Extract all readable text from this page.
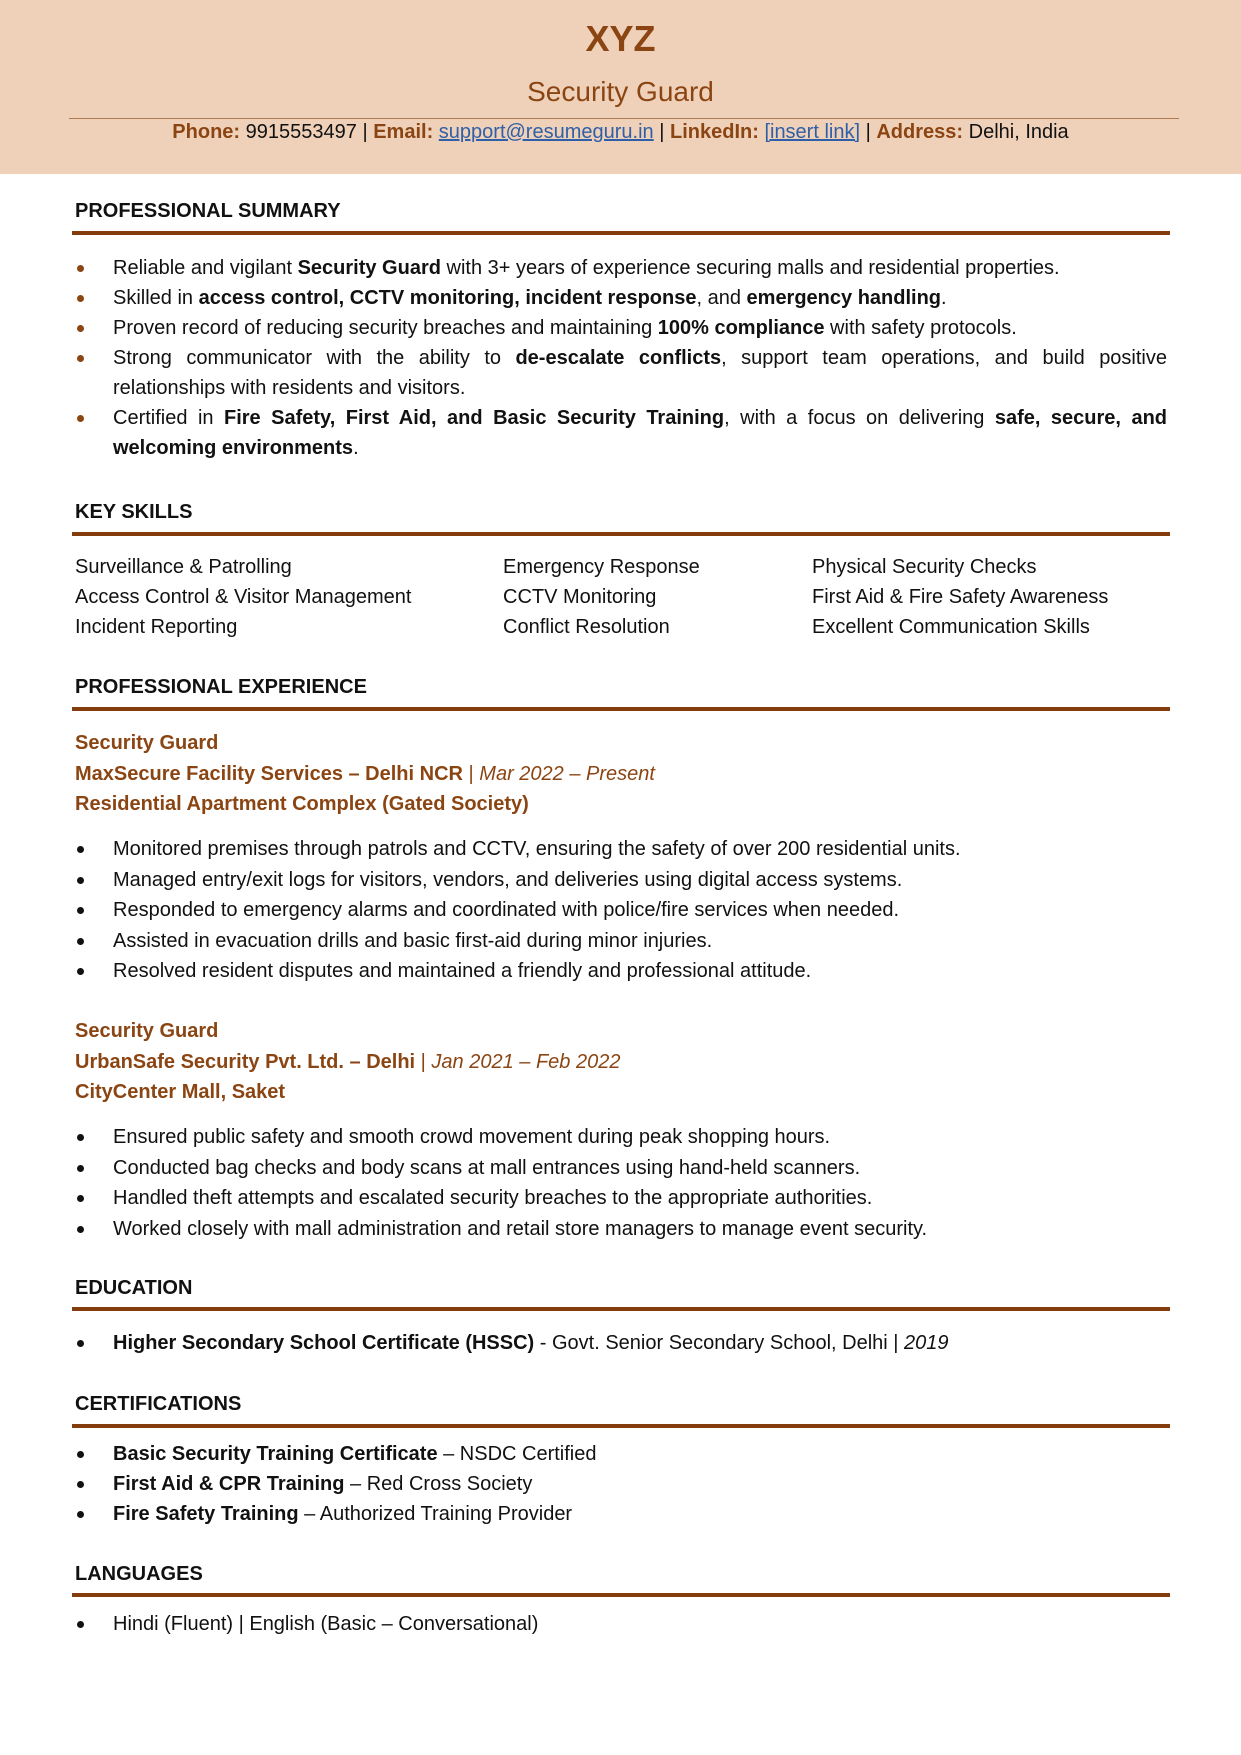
XYZ
Security Guard
Phone: 9915553497 | Email: support@resumeguru.in | LinkedIn: [insert link] | Address: Delhi, India
PROFESSIONAL SUMMARY
Reliable and vigilant Security Guard with 3+ years of experience securing malls and residential properties.
Skilled in access control, CCTV monitoring, incident response, and emergency handling.
Proven record of reducing security breaches and maintaining 100% compliance with safety protocols.
Strong communicator with the ability to de-escalate conflicts, support team operations, and build positive relationships with residents and visitors.
Certified in Fire Safety, First Aid, and Basic Security Training, with a focus on delivering safe, secure, and welcoming environments.
KEY SKILLS
Surveillance & Patrolling
Access Control & Visitor Management
Incident Reporting
Emergency Response
CCTV Monitoring
Conflict Resolution
Physical Security Checks
First Aid & Fire Safety Awareness
Excellent Communication Skills
PROFESSIONAL EXPERIENCE
Security Guard
MaxSecure Facility Services – Delhi NCR | Mar 2022 – Present
Residential Apartment Complex (Gated Society)
Monitored premises through patrols and CCTV, ensuring the safety of over 200 residential units.
Managed entry/exit logs for visitors, vendors, and deliveries using digital access systems.
Responded to emergency alarms and coordinated with police/fire services when needed.
Assisted in evacuation drills and basic first-aid during minor injuries.
Resolved resident disputes and maintained a friendly and professional attitude.
Security Guard
UrbanSafe Security Pvt. Ltd. – Delhi | Jan 2021 – Feb 2022
CityCenter Mall, Saket
Ensured public safety and smooth crowd movement during peak shopping hours.
Conducted bag checks and body scans at mall entrances using hand-held scanners.
Handled theft attempts and escalated security breaches to the appropriate authorities.
Worked closely with mall administration and retail store managers to manage event security.
EDUCATION
Higher Secondary School Certificate (HSSC) - Govt. Senior Secondary School, Delhi | 2019
CERTIFICATIONS
Basic Security Training Certificate – NSDC Certified
First Aid & CPR Training – Red Cross Society
Fire Safety Training – Authorized Training Provider
LANGUAGES
Hindi (Fluent) | English (Basic – Conversational)
